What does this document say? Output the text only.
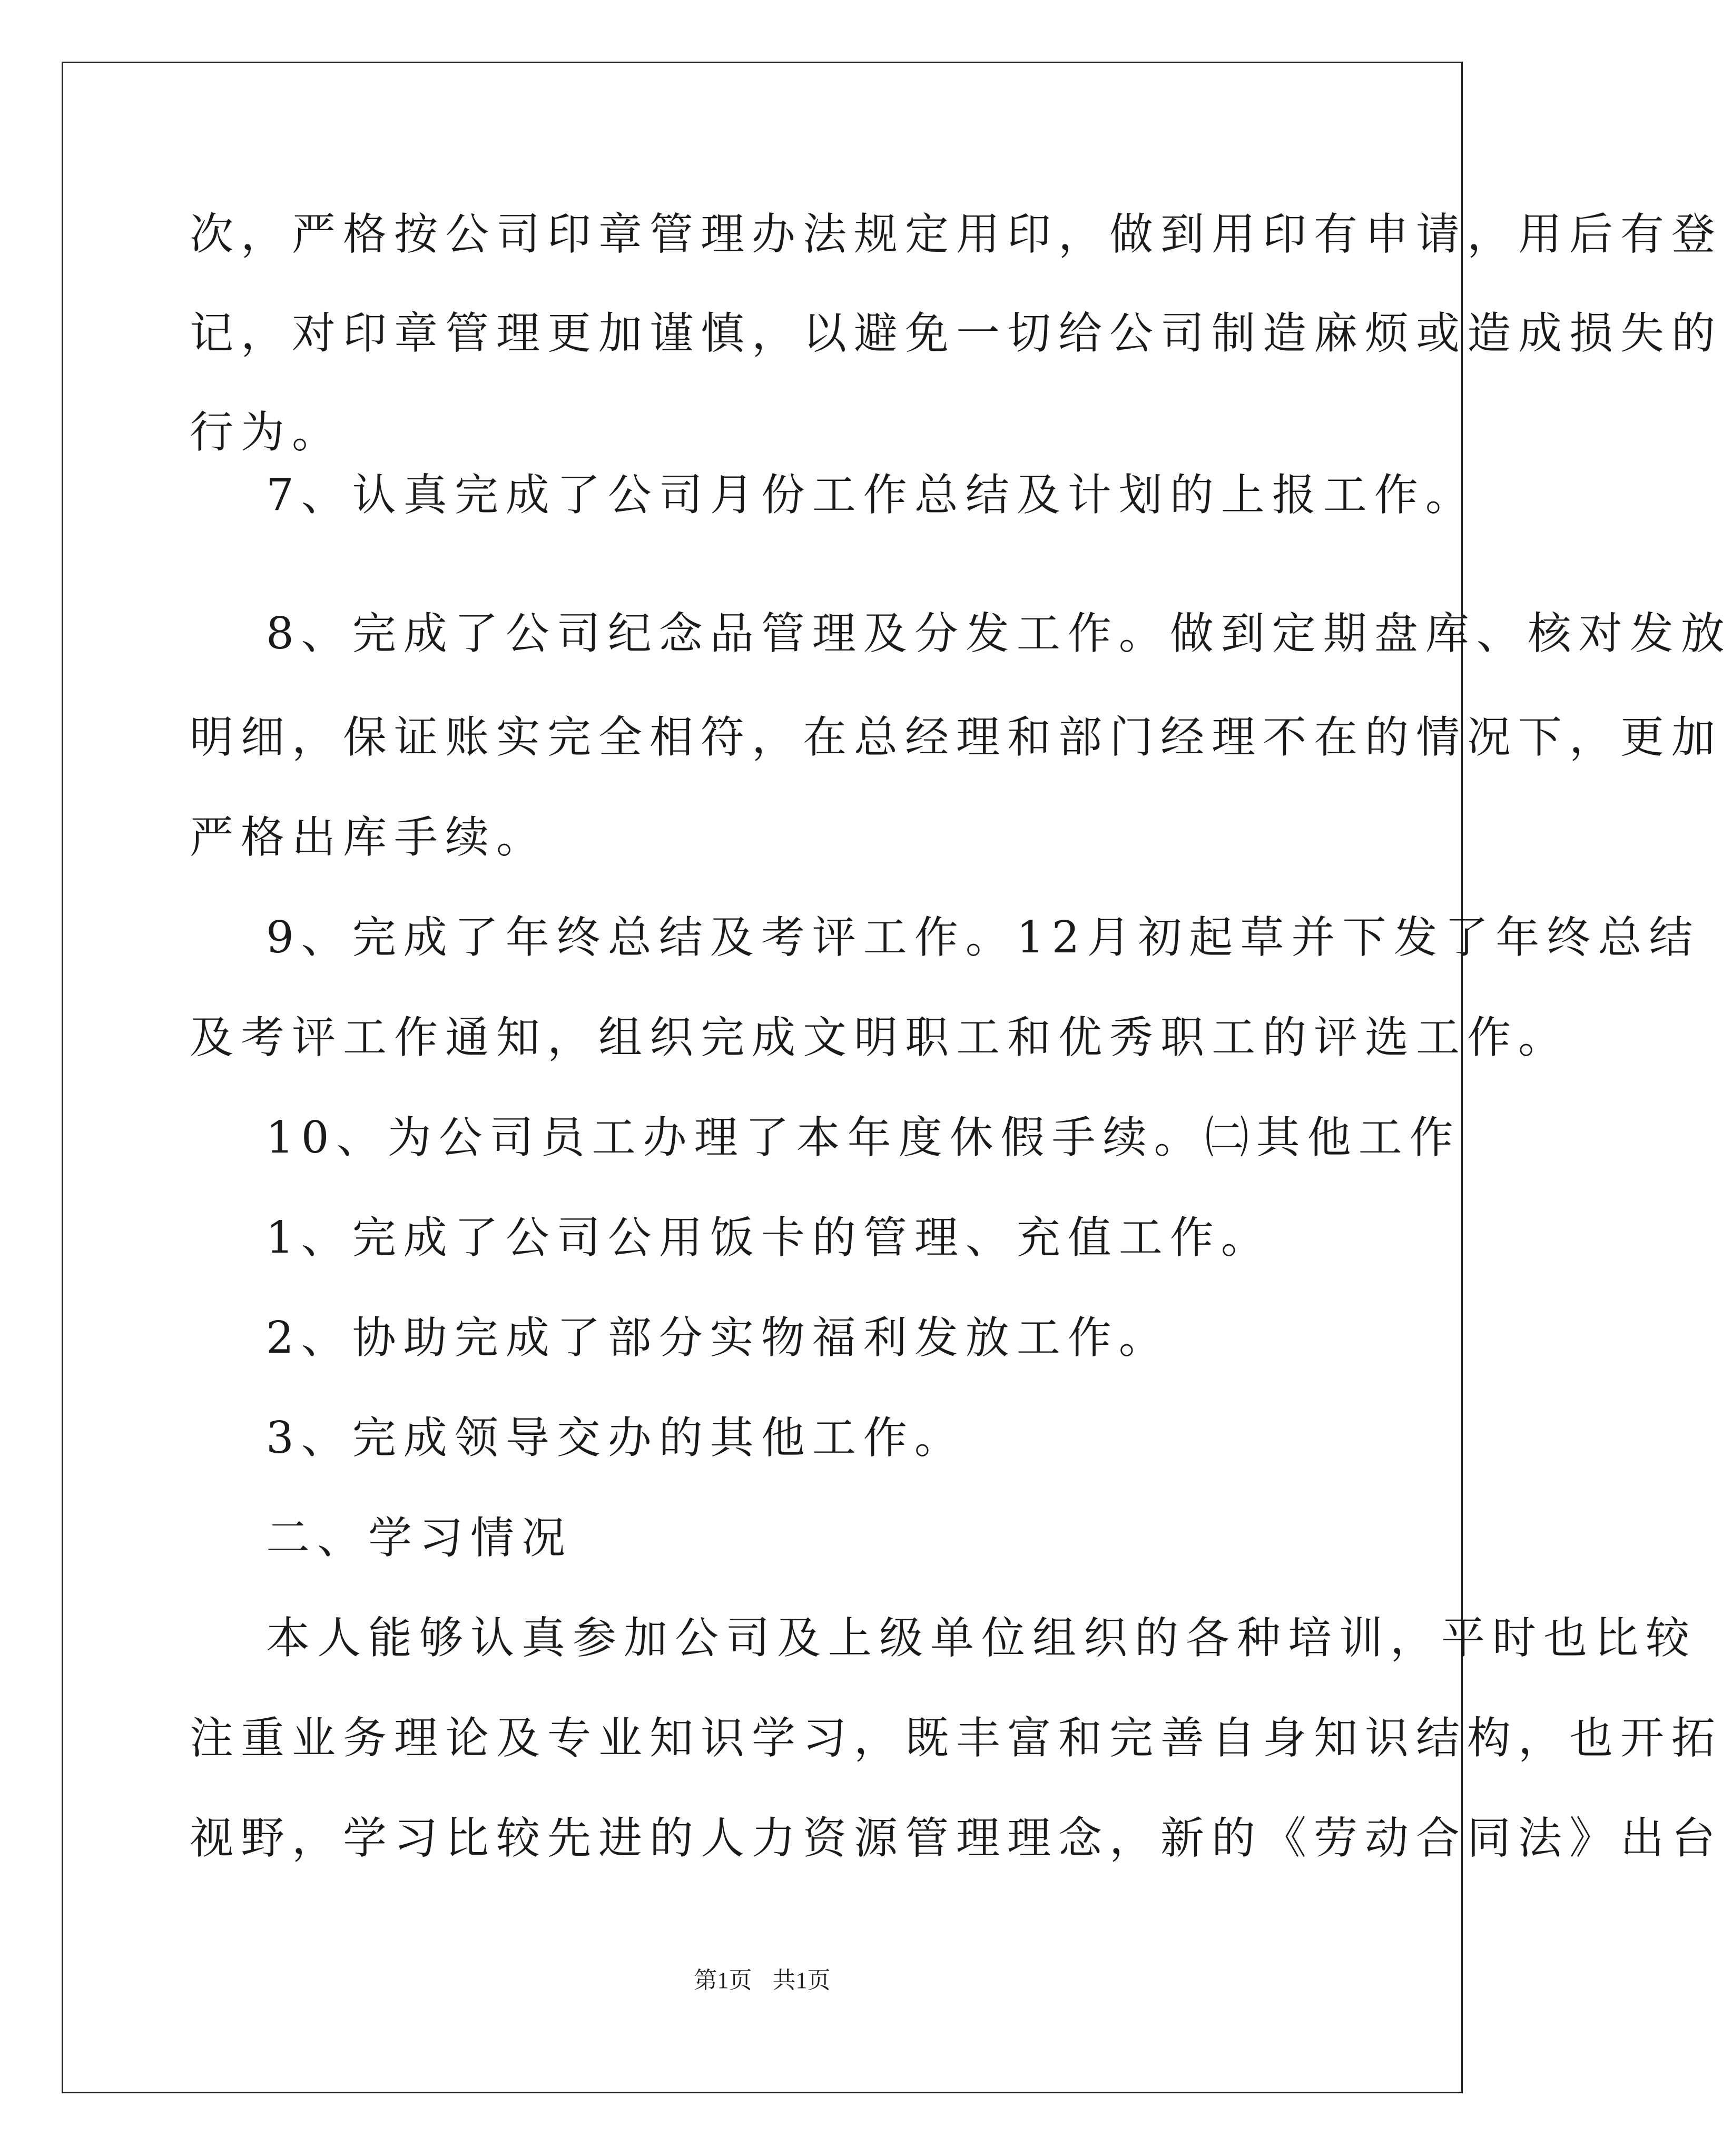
次，严格按公司印章管理办法规定用印，做到用印有申请，用后有登
记，对印章管理更加谨慎，以避免一切给公司制造麻烦或造成损失的
行为。
7、认真完成了公司月份工作总结及计划的上报工作。
8、完成了公司纪念品管理及分发工作。做到定期盘库、核对发放
明细，保证账实完全相符，在总经理和部门经理不在的情况下，更加
严格出库手续。
9、完成了年终总结及考评工作。12月初起草并下发了年终总结
及考评工作通知，组织完成文明职工和优秀职工的评选工作。
10、为公司员工办理了本年度休假手续。㈡其他工作
1、完成了公司公用饭卡的管理、充值工作。
2、协助完成了部分实物福利发放工作。
3、完成领导交办的其他工作。
二、学习情况
本人能够认真参加公司及上级单位组织的各种培训，平时也比较
注重业务理论及专业知识学习，既丰富和完善自身知识结构，也开拓
视野，学习比较先进的人力资源管理理念，新的《劳动合同法》出台
第1页 共1页
